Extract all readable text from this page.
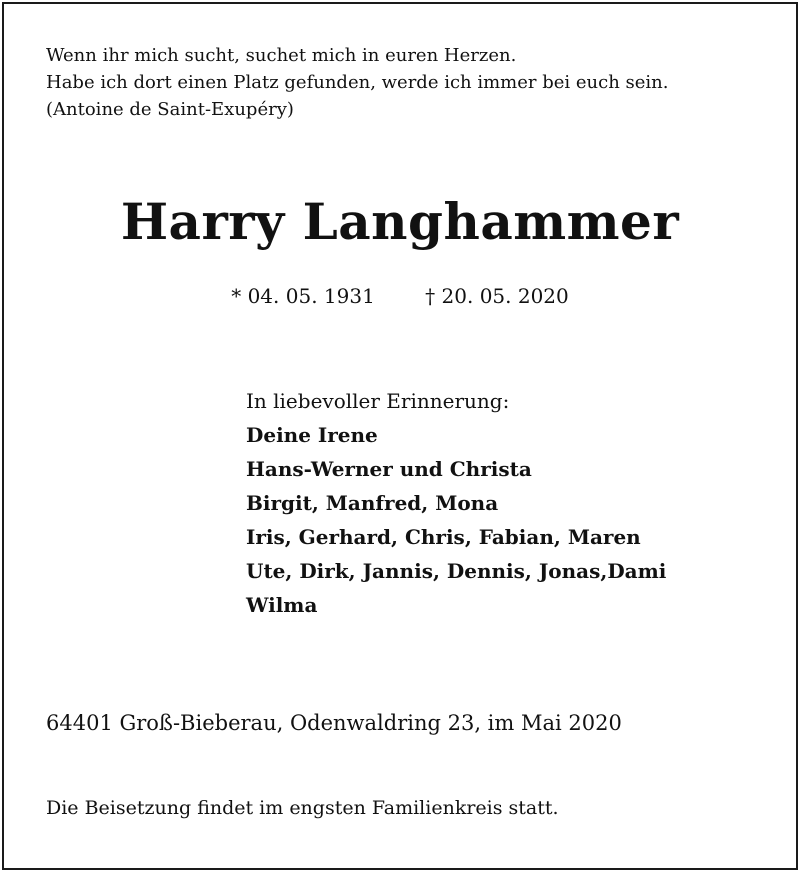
Wenn ihr mich sucht, suchet mich in euren Herzen.
Habe ich dort einen Platz gefunden, werde ich immer bei euch sein.
(Antoine de Saint-Exupéry)
Harry Langhammer
* 04. 05. 1931	† 20. 05. 2020
In liebevoller Erinnerung:
Deine Irene
Hans-Werner und Christa
Birgit, Manfred, Mona
Iris, Gerhard, Chris, Fabian, Maren
Ute, Dirk, Jannis, Dennis, Jonas,Dami
Wilma
64401 Groß-Bieberau, Odenwaldring 23, im Mai 2020
Die Beisetzung findet im engsten Familienkreis statt.
